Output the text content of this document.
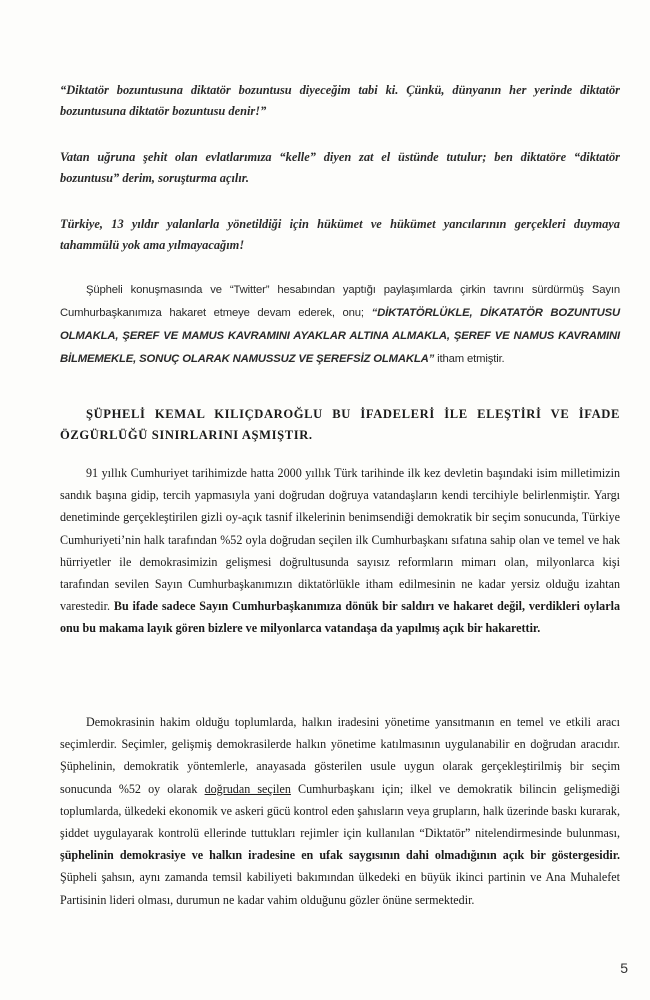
“Diktatör bozuntusuna diktatör bozuntusu diyeceğim tabi ki. Çünkü, dünyanın her yerinde diktatör bozuntusuna diktatör bozuntusu denir!”

Vatan uğruna şehit olan evlatlarımıza “kelle” diyen zat el üstünde tutulur; ben diktatöre “diktatör bozuntusu” derim, soruşturma açılır.

Türkiye, 13 yıldır yalanlarla yönetildiği için hükümet ve hükümet yancılarının gerçekleri duymaya tahammülü yok ama yılmayacağım!

Şüpheli konuşmasında ve “Twitter” hesabından yaptığı paylaşımlarda çirkin tavrını sürdürmüş Sayın Cumhurbaşkanımıza hakaret etmeye devam ederek, onu; “DİKTATÖRLÜKLE, DİKATATÖR BOZUNTUSU OLMAKLA, ŞEREF VE MAMUS KAVRAMINI AYAKLAR ALTINA ALMAKLA, ŞEREF VE NAMUS KAVRAMINI BİLMEMEKLE, SONUÇ OLARAK NAMUSSUZ VE ŞEREFSİZ OLMAKLA” itham etmiştir.

ŞÜPHELİ KEMAL KILIÇDAROĞLU BU İFADELERİ İLE ELEŞTİRİ VE İFADE ÖZGÜRLÜĞÜ SINIRLARINI AŞMIŞTIR.

91 yıllık Cumhuriyet tarihimizde hatta 2000 yıllık Türk tarihinde ilk kez devletin başındaki isim milletimizin sandık başına gidip, tercih yapmasıyla yani doğrudan doğruya vatandaşların kendi tercihiyle belirlenmiştir. Yargı denetiminde gerçekleştirilen gizli oy-açık tasnif ilkelerinin benimsendiği demokratik bir seçim sonucunda, Türkiye Cumhuriyeti’nin halk tarafından %52 oyla doğrudan seçilen ilk Cumhurbaşkanı sıfatına sahip olan ve temel ve hak hürriyetler ile demokrasimizin gelişmesi doğrultusunda sayısız reformların mimarı olan, milyonlarca kişi tarafından sevilen Sayın Cumhurbaşkanımızın diktatörlükle itham edilmesinin ne kadar yersiz olduğu izahtan varestedir. Bu ifade sadece Sayın Cumhurbaşkanımıza dönük bir saldırı ve hakaret değil, verdikleri oylarla onu bu makama layık gören bizlere ve milyonlarca vatandaşa da yapılmış açık bir hakarettir.

Demokrasinin hakim olduğu toplumlarda, halkın iradesini yönetime yansıtmanın en temel ve etkili aracı seçimlerdir. Seçimler, gelişmiş demokrasilerde halkın yönetime katılmasının uygulanabilir en doğrudan aracıdır. Şüphelinin, demokratik yöntemlerle, anayasada gösterilen usule uygun olarak gerçekleştirilmiş bir seçim sonucunda %52 oy olarak doğrudan seçilen Cumhurbaşkanı için; ilkel ve demokratik bilincin gelişmediği toplumlarda, ülkedeki ekonomik ve askeri gücü kontrol eden şahısların veya grupların, halk üzerinde baskı kurarak, şiddet uygulayarak kontrolü ellerinde tuttukları rejimler için kullanılan “Diktatör” nitelendirmesinde bulunması, şüphelinin demokrasiye ve halkın iradesine en ufak saygısının dahi olmadığının açık bir göstergesidir. Şüpheli şahsın, aynı zamanda temsil kabiliyeti bakımından ülkedeki en büyük ikinci partinin ve Ana Muhalefet Partisinin lideri olması, durumun ne kadar vahim olduğunu gözler önüne sermektedir.

5
